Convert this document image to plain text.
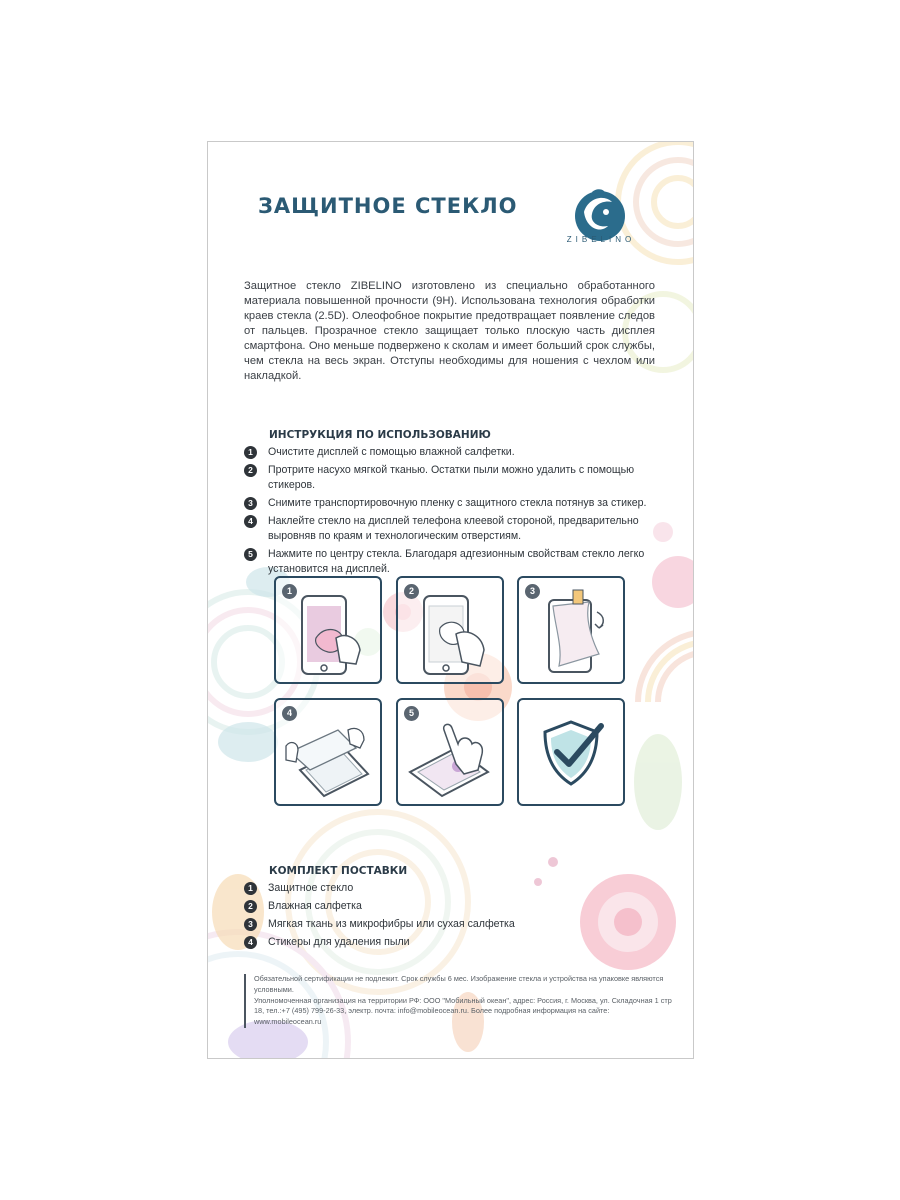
ЗАЩИТНОЕ СТЕКЛО
ZIBELINO
Защитное стекло ZIBELINO изготовлено из специально обработанного материала повышенной прочности (9H). Использована технология обработки краев стекла (2.5D). Олеофобное покрытие предотвращает появление следов от пальцев. Прозрачное стекло защищает только плоскую часть дисплея смартфона. Оно меньше подвержено к сколам и имеет больший срок службы, чем стекла на весь экран. Отступы необходимы для ношения с чехлом или накладкой.
ИНСТРУКЦИЯ ПО ИСПОЛЬЗОВАНИЮ
1	Очистите дисплей с помощью влажной салфетки.
2	Протрите насухо мягкой тканью. Остатки пыли можно удалить с помощью стикеров.
3	Снимите транспортировочную пленку с защитного стекла потянув за стикер.
4	Наклейте стекло на дисплей телефона клеевой стороной, предварительно выровняв по краям и технологическим отверстиям.
5	Нажмите по центру стекла. Благодаря адгезионным свойствам стекло легко установится на дисплей.
1	2	3
4	5
КОМПЛЕКТ ПОСТАВКИ
1	Защитное стекло
2	Влажная салфетка
3	Мягкая ткань из микрофибры или сухая салфетка
4	Стикеры для удаления пыли

Обязательной сертификации не подлежит. Срок службы 6 мес. Изображение стекла и устройства на упаковке являются условными.

Уполномоченная организация на территории РФ: ООО "Мобильный океан", адрес: Россия, г. Москва, ул. Складочная 1 стр 18, тел.:+7 (495) 799-26-33, электр. почта: info@mobileocean.ru. Более подробная информация на сайте: www.mobileocean.ru
